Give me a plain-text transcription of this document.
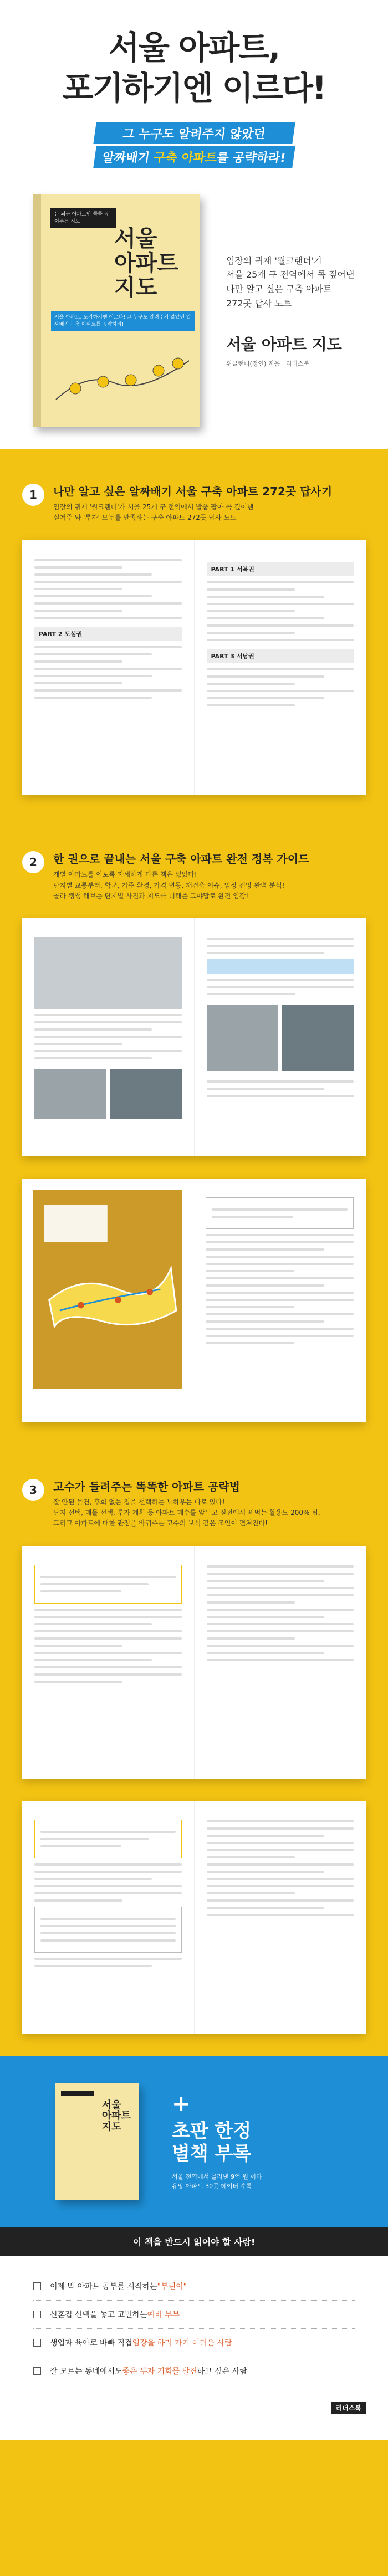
서울 아파트,
포기하기엔 이르다!
그 누구도 알려주지 않았던
알짜배기 구축 아파트를 공략하라!
돈 되는 아파트만 콕콕 짚어주는 지도
서울
아파트
지도
서울 아파트, 포기하기엔 이르다! 그 누구도 알려주지 않았던 알짜배기 구축 아파트를 공략하라!
임장의 귀재 '월크랜더'가
서울 25개 구 전역에서 콕 짚어낸
나만 알고 싶은 구축 아파트
272곳 답사 노트
서울 아파트 지도
위클랜더(정연) 지음 | 리더스북
1	나만 알고 싶은 알짜배기 서울 구축 아파트 272곳 답사기
임장의 귀재 '월크랜더'가 서울 25개 구 전역에서 발품 팔아 콕 짚어낸
실거주 와 '투자' 모두를 만족하는 구축 아파트 272곳 답사 노트
PART 2 도심권
PART 1 서북권
PART 3 서남권
2	한 권으로 끝내는 서울 구축 아파트 완전 정복 가이드
개별 아파트를 이토록 자세하게 다룬 책은 없었다!
단지별 교통부터, 학군, 가주 환경, 가격 변동, 재건축 이슈, 임장 전망 완벽 분석!
골라 쌩쌩 해보는 단지별 사진과 지도를 더해준 그야말로 완전 임장!
3	고수가 들려주는 똑똑한 아파트 공략법
잘 안된 물건, 후회 없는 집을 선택하는 노하우는 따로 있다!
단지 선택, 매물 선택, 투자 계획 등 아파트 매수를 앞두고 실전에서 써먹는 활용도 200% 팁,
그리고 아파트에 대한 관점을 바꿔주는 고수의 보석 같은 조언이 펼쳐진다!
서울
아파트
지도
+
초판 한정
별책 부록
서울 전역에서 골라낸 9억 원 이하
유망 아파트 30곳 데이터 수록
이 책을 반드시 읽어야 할 사람!
이제 막 아파트 공부를 시작하는 "부린이"
신혼집 선택을 놓고 고민하는 예비 부부
생업과 육아로 바빠 직접 임장을 하러 가기 어려운 사람
잘 모르는 동네에서도 좋은 투자 기회를 발견 하고 싶은 사람
리더스북
